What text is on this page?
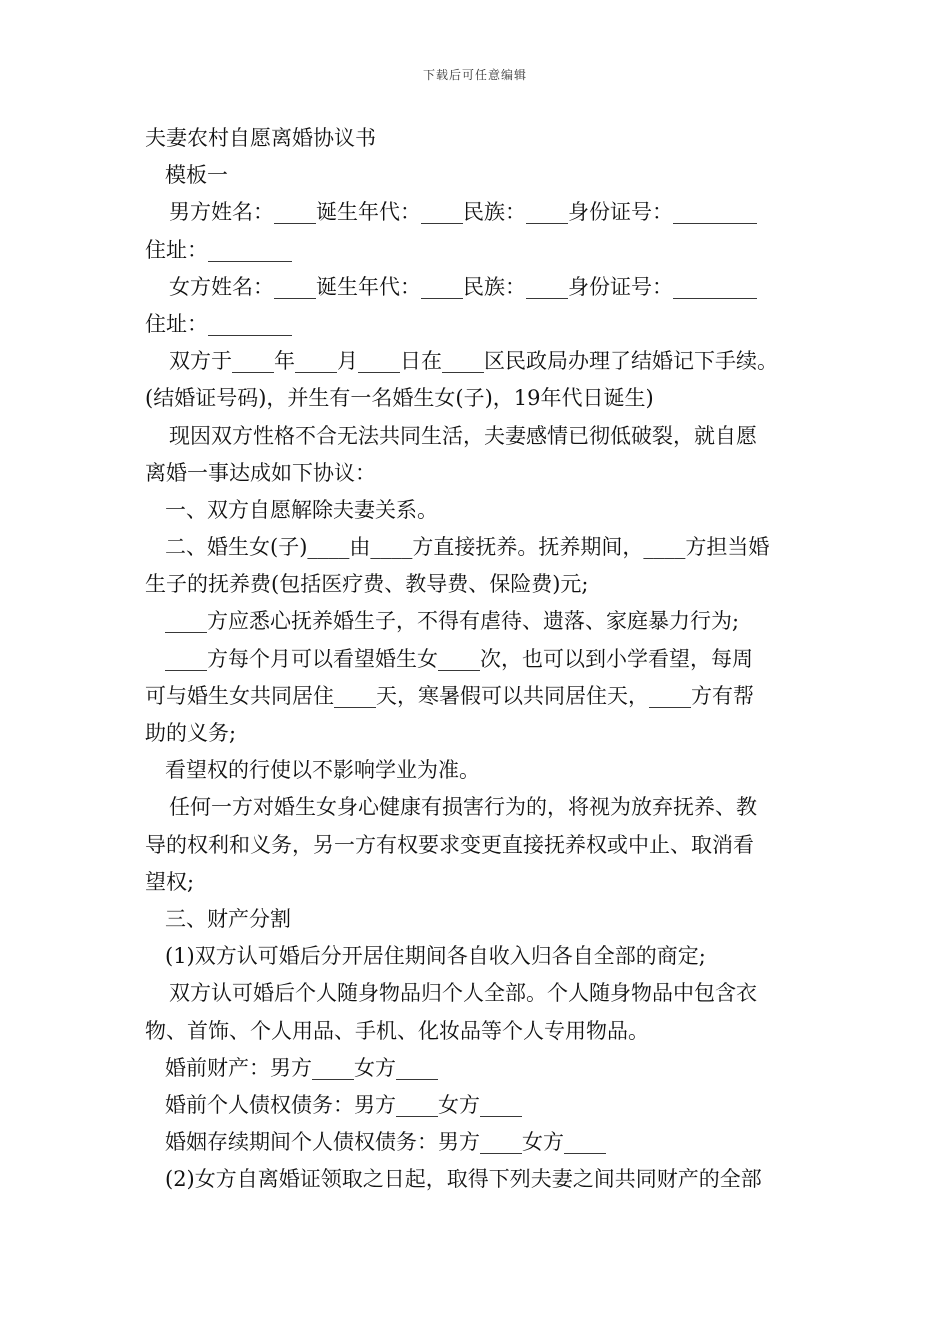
下载后可任意编辑
夫妻农村自愿离婚协议书
模板一
男方姓名：____诞生年代：____民族：____身份证号：________
住址：________
女方姓名：____诞生年代：____民族：____身份证号：________
住址：________
双方于____年____月____日在____区民政局办理了结婚记下手续。
(结婚证号码)，并生有一名婚生女(子)，19年代日诞生)
现因双方性格不合无法共同生活，夫妻感情已彻低破裂，就自愿
离婚一事达成如下协议：
一、双方自愿解除夫妻关系。
二、婚生女(子)____由____方直接抚养。抚养期间，____方担当婚
生子的抚养费(包括医疗费、教导费、保险费)元;
____方应悉心抚养婚生子，不得有虐待、遗落、家庭暴力行为;
____方每个月可以看望婚生女____次，也可以到小学看望，每周
可与婚生女共同居住____天，寒暑假可以共同居住天，____方有帮
助的义务;
看望权的行使以不影响学业为准。
任何一方对婚生女身心健康有损害行为的，将视为放弃抚养、教
导的权利和义务，另一方有权要求变更直接抚养权或中止、取消看
望权;
三、财产分割
(1)双方认可婚后分开居住期间各自收入归各自全部的商定;
双方认可婚后个人随身物品归个人全部。个人随身物品中包含衣
物、首饰、个人用品、手机、化妆品等个人专用物品。
婚前财产：男方____女方____
婚前个人债权债务：男方____女方____
婚姻存续期间个人债权债务：男方____女方____
(2)女方自离婚证领取之日起，取得下列夫妻之间共同财产的全部
